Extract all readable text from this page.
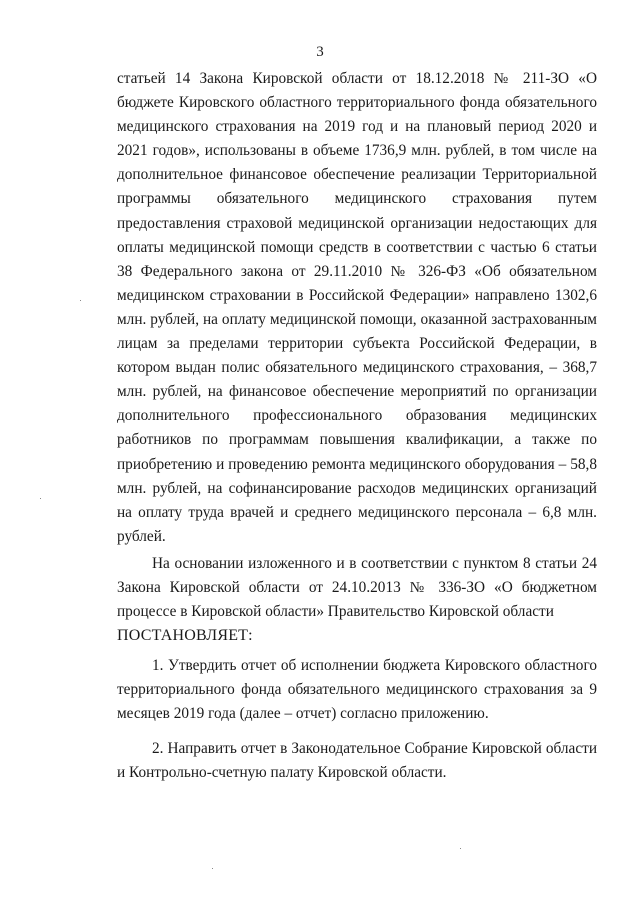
3

статьей 14 Закона Кировской области от 18.12.2018 № 211-ЗО «О бюджете Кировского областного территориального фонда обязательного медицинского страхования на 2019 год и на плановый период 2020 и 2021 годов», использованы в объеме 1736,9 млн. рублей, в том числе на дополнительное финансовое обеспечение реализации Территориальной программы обязательного медицинского страхования путем предоставления страховой медицинской организации недостающих для оплаты медицинской помощи средств в соответствии с частью 6 статьи 38 Федерального закона от 29.11.2010 № 326-ФЗ «Об обязательном медицинском страховании в Российской Федерации» направлено 1302,6 млн. рублей, на оплату медицинской помощи, оказанной застрахованным лицам за пределами территории субъекта Российской Федерации, в котором выдан полис обязательного медицинского страхования, – 368,7 млн. рублей, на финансовое обеспечение мероприятий по организации дополнительного профессионального образования медицинских работников по программам повышения квалификации, а также по приобретению и проведению ремонта медицинского оборудования – 58,8 млн. рублей, на софинансирование расходов медицинских организаций на оплату труда врачей и среднего медицинского персонала – 6,8 млн. рублей.

На основании изложенного и в соответствии с пунктом 8 статьи 24 Закона Кировской области от 24.10.2013 № 336-ЗО «О бюджетном процессе в Кировской области» Правительство Кировской области

ПОСТАНОВЛЯЕТ:

1. Утвердить отчет об исполнении бюджета Кировского областного территориального фонда обязательного медицинского страхования за 9 месяцев 2019 года (далее – отчет) согласно приложению.

2. Направить отчет в Законодательное Собрание Кировской области и Контрольно-счетную палату Кировской области.
